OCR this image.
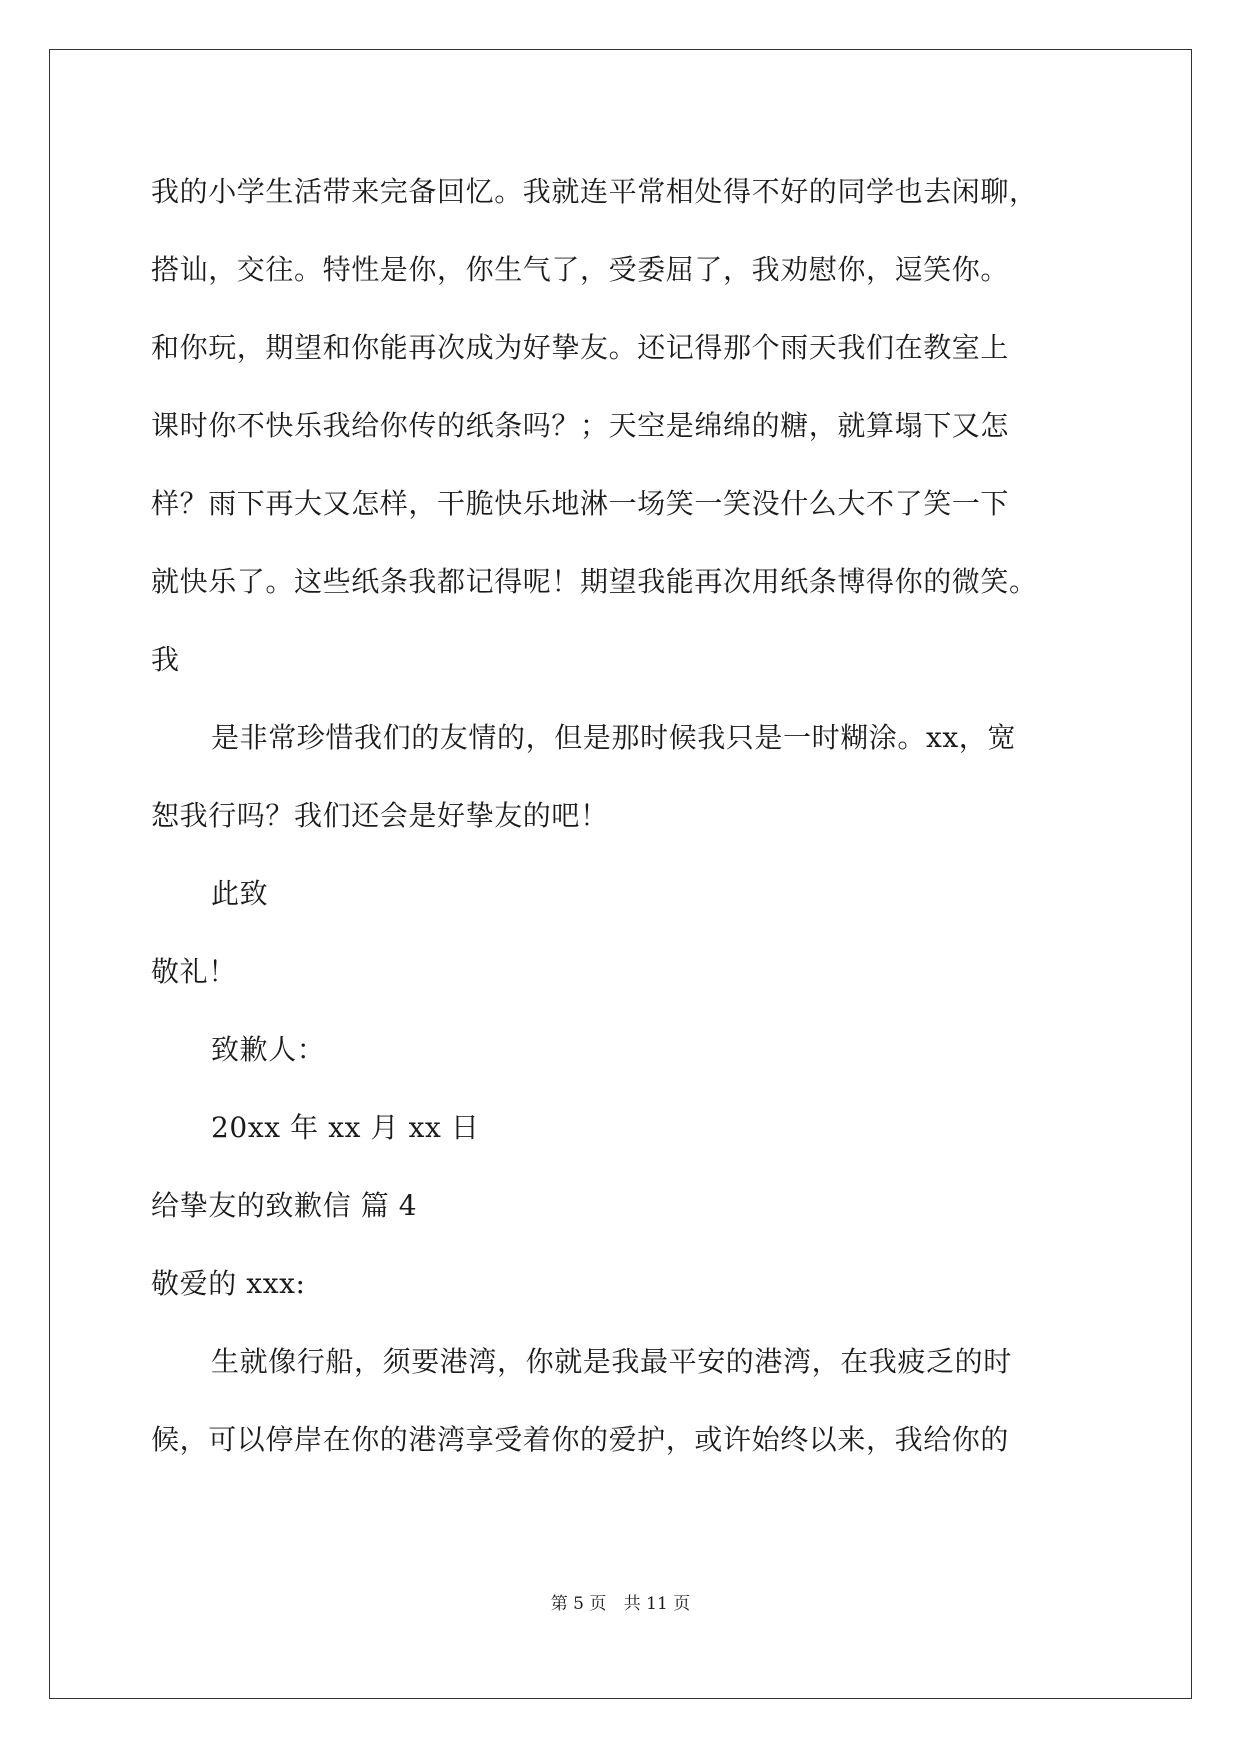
我的小学生活带来完备回忆。我就连平常相处得不好的同学也去闲聊，
搭讪，交往。特性是你，你生气了，受委屈了，我劝慰你，逗笑你。
和你玩，期望和你能再次成为好挚友。还记得那个雨天我们在教室上
课时你不快乐我给你传的纸条吗？；天空是绵绵的糖，就算塌下又怎
样？雨下再大又怎样，干脆快乐地淋一场笑一笑没什么大不了笑一下
就快乐了。这些纸条我都记得呢！期望我能再次用纸条博得你的微笑。
我
是非常珍惜我们的友情的，但是那时候我只是一时糊涂。xx，宽
恕我行吗？我们还会是好挚友的吧！
此致
敬礼！
致歉人：
20xx 年 xx 月 xx 日
给挚友的致歉信 篇 4
敬爱的 xxx:
生就像行船，须要港湾，你就是我最平安的港湾，在我疲乏的时
候，可以停岸在你的港湾享受着你的爱护，或许始终以来，我给你的
第 5 页 共 11 页
